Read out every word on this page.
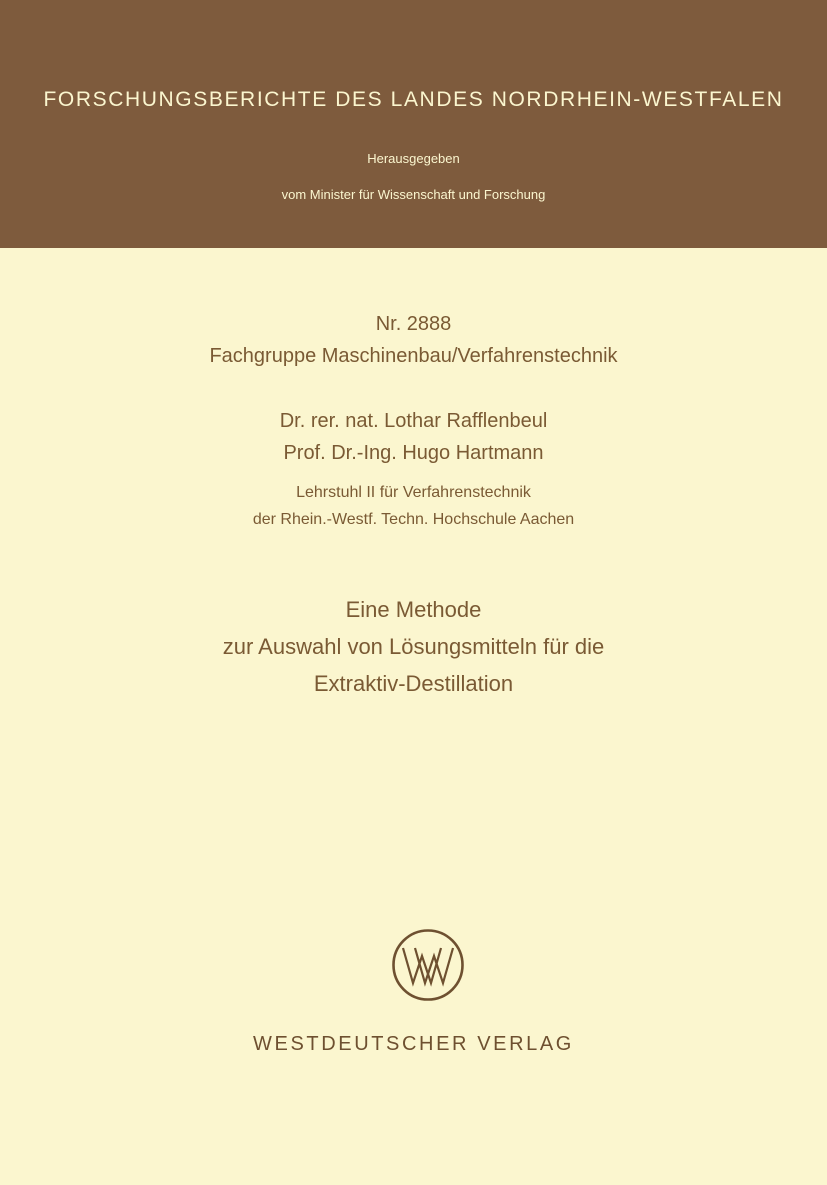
FORSCHUNGSBERICHTE DES LANDES NORDRHEIN-WESTFALEN
Herausgegeben
vom Minister für Wissenschaft und Forschung
Nr. 2888
Fachgruppe Maschinenbau/Verfahrenstechnik
Dr. rer. nat. Lothar Rafflenbeul
Prof. Dr.-Ing. Hugo Hartmann
Lehrstuhl II für Verfahrenstechnik
der Rhein.-Westf. Techn. Hochschule Aachen
Eine Methode
zur Auswahl von Lösungsmitteln für die
Extraktiv-Destillation
WESTDEUTSCHER VERLAG
